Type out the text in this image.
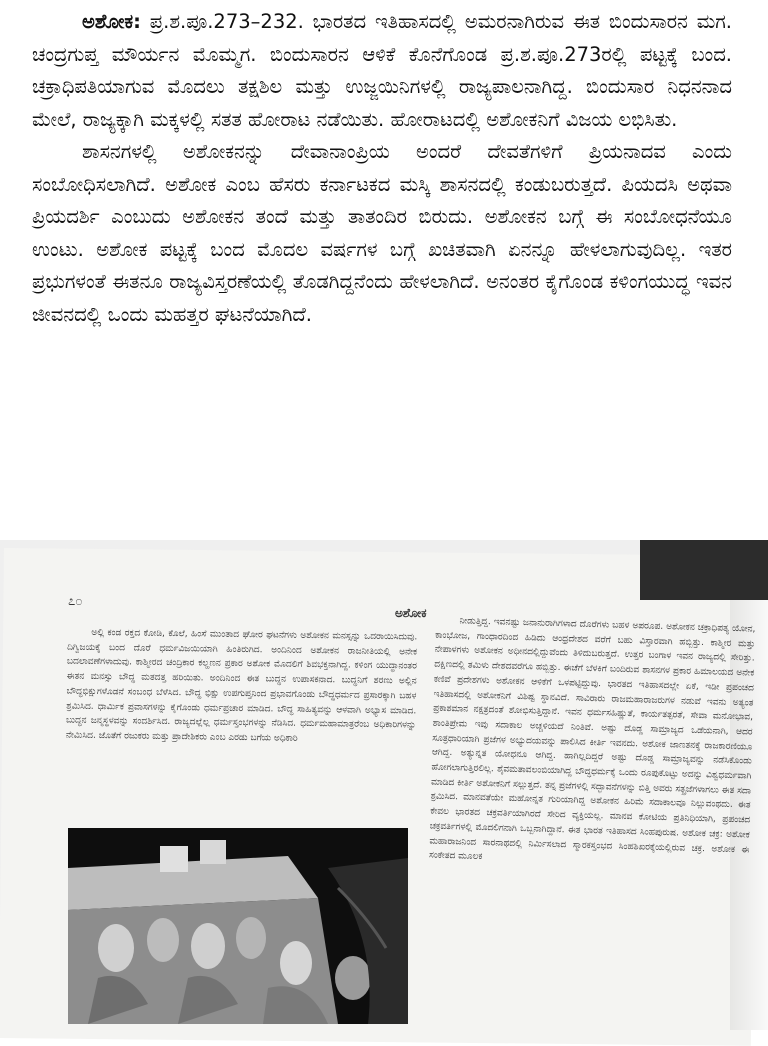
ಅಶೋಕ: ಪ್ರ.ಶ.ಪೂ.273–232. ಭಾರತದ ಇತಿಹಾಸದಲ್ಲಿ ಅಮರನಾಗಿರುವ ಈತ ಬಿಂದುಸಾರನ ಮಗ. ಚಂದ್ರಗುಪ್ತ ಮೌರ್ಯನ ಮೊಮ್ಮಗ. ಬಿಂದುಸಾರನ ಆಳಿಕೆ ಕೊನೆಗೊಂಡ ಪ್ರ.ಶ.ಪೂ.273ರಲ್ಲಿ ಪಟ್ಟಕ್ಕೆ ಬಂದ. ಚಕ್ರಾಧಿಪತಿಯಾಗುವ ಮೊದಲು ತಕ್ಷಶಿಲ ಮತ್ತು ಉಜ್ಜಯಿನಿಗಳಲ್ಲಿ ರಾಜ್ಯಪಾಲನಾಗಿದ್ದ. ಬಿಂದುಸಾರ ನಿಧನನಾದ ಮೇಲೆ, ರಾಜ್ಯಕ್ಕಾಗಿ ಮಕ್ಕಳಲ್ಲಿ ಸತತ ಹೋರಾಟ ನಡೆಯಿತು. ಹೋರಾಟದಲ್ಲಿ ಅಶೋಕನಿಗೆ ವಿಜಯ ಲಭಿಸಿತು.

ಶಾಸನಗಳಲ್ಲಿ ಅಶೋಕನನ್ನು ದೇವಾನಾಂಪ್ರಿಯ ಅಂದರೆ ದೇವತೆಗಳಿಗೆ ಪ್ರಿಯನಾದವ ಎಂದು ಸಂಬೋಧಿಸಲಾಗಿದೆ. ಅಶೋಕ ಎಂಬ ಹೆಸರು ಕರ್ನಾಟಕದ ಮಸ್ಕಿ ಶಾಸನದಲ್ಲಿ ಕಂಡುಬರುತ್ತದೆ. ಪಿಯದಸಿ ಅಥವಾ ಪ್ರಿಯದರ್ಶಿ ಎಂಬುದು ಅಶೋಕನ ತಂದೆ ಮತ್ತು ತಾತಂದಿರ ಬಿರುದು. ಅಶೋಕನ ಬಗ್ಗೆ ಈ ಸಂಬೋಧನೆಯೂ ಉಂಟು. ಅಶೋಕ ಪಟ್ಟಕ್ಕೆ ಬಂದ ಮೊದಲ ವರ್ಷಗಳ ಬಗ್ಗೆ ಖಚಿತವಾಗಿ ಏನನ್ನೂ ಹೇಳಲಾಗುವುದಿಲ್ಲ. ಇತರ ಪ್ರಭುಗಳಂತೆ ಈತನೂ ರಾಜ್ಯವಿಸ್ತರಣೆಯಲ್ಲಿ ತೊಡಗಿದ್ದನೆಂದು ಹೇಳಲಾಗಿದೆ. ಅನಂತರ ಕೈಗೊಂಡ ಕಳಿಂಗಯುದ್ಧ ಇವನ ಜೀವನದಲ್ಲಿ ಒಂದು ಮಹತ್ತರ ಘಟನೆಯಾಗಿದೆ.

೭೦
ಅಶೋಕ

ಅಲ್ಲಿ ಕಂಡ ರಕ್ತದ ಕೋಡಿ, ಕೊಲೆ, ಹಿಂಸೆ ಮುಂತಾದ ಘೋರ ಘಟನೆಗಳು ಅಶೋಕನ ಮನಸ್ಸನ್ನು ಒದರಾಯಿಸಿದುವು. ದಿಗ್ವಿಜಯಕ್ಕೆ ಬಂದ ದೊರೆ ಧರ್ಮವಿಜಯಿಯಾಗಿ ಹಿಂತಿರುಗಿದ. ಅಂದಿನಿಂದ ಅಶೋಕನ ರಾಜನೀತಿಯಲ್ಲಿ ಅನೇಕ ಬದಲಾವಣೆಗಳಾದುವು. ಕಾಶ್ಮೀರದ ಚಂದ್ರಿಕಾರ ಕಲ್ಹಣನ ಪ್ರಕಾರ ಅಶೋಕ ಮೊದಲಿಗೆ ಶಿವಭಕ್ತನಾಗಿದ್ದ. ಕಳಿಂಗ ಯುದ್ಧಾನಂತರ ಈತನ ಮನಸ್ಸು ಬೌದ್ಧ ಮತದತ್ತ ಹರಿಯಿತು. ಅಂದಿನಿಂದ ಈತ ಬುದ್ಧನ ಉಪಾಸಕನಾದ. ಬುದ್ಧನಿಗೆ ಶರಣು ಅಲ್ಲಿನ ಬೌದ್ಧಭಿಕ್ಷುಗಳೊಡನೆ ಸಂಬಂಧ ಬೆಳೆಸಿದ. ಬೌದ್ಧ ಭಿಕ್ಷು ಉಪಗುಪ್ತನಿಂದ ಪ್ರಭಾವಗೊಂಡು ಬೌದ್ಧಧರ್ಮದ ಪ್ರಸಾರಕ್ಕಾಗಿ ಬಹಳ ಶ್ರಮಿಸಿದ. ಧಾರ್ಮಿಕ ಪ್ರವಾಸಗಳನ್ನು ಕೈಗೊಂಡು ಧರ್ಮಪ್ರಚಾರ ಮಾಡಿದ. ಬೌದ್ಧ ಸಾಹಿತ್ಯವನ್ನು ಆಳವಾಗಿ ಅಭ್ಯಾಸ ಮಾಡಿದ. ಬುದ್ಧನ ಜನ್ಮಸ್ಥಳವನ್ನು ಸಂದರ್ಶಿಸಿದ. ರಾಜ್ಯದಲ್ಲೆಲ್ಲ ಧರ್ಮಸ್ತಂಭಗಳನ್ನು ನೆಡಿಸಿದ. ಧರ್ಮಮಹಾಮಾತ್ರರೆಂಬ ಅಧಿಕಾರಿಗಳನ್ನು ನೇಮಿಸಿದ. ಜೊತೆಗೆ ರಜುಕರು ಮತ್ತು ಪ್ರಾದೇಶಿಕರು ಎಂಬ ಎರಡು ಬಗೆಯ ಅಧಿಕಾರಿ

ನೀಡುತ್ತಿದ್ದ. ಇವನಷ್ಟು ಜನಾನುರಾಗಿಗಳಾದ ದೊರೆಗಳು ಬಹಳ ಅಪರೂಪ. ಅಶೋಕನ ಚಕ್ರಾಧಿಪತ್ಯ ಯೋನ, ಕಾಂಭೋಜ, ಗಾಂಧಾರದಿಂದ ಹಿಡಿದು ಆಂಧ್ರದೇಶದ ವರೆಗೆ ಬಹು ವಿಸ್ತಾರವಾಗಿ ಹಬ್ಬಿತ್ತು. ಕಾಶ್ಮೀರ ಮತ್ತು ನೇಪಾಳಗಳು ಅಶೋಕನ ಅಧೀನದಲ್ಲಿದ್ದುವೆಂದು ತಿಳಿದುಬರುತ್ತದೆ. ಉತ್ತರ ಬಂಗಾಳ ಇವನ ರಾಜ್ಯದಲ್ಲಿ ಸೇರಿತ್ತು. ದಕ್ಷಿಣದಲ್ಲಿ ತಮಿಳು ದೇಶದವರೆಗೂ ಹಬ್ಬಿತ್ತು. ಈಚೆಗೆ ಬೆಳಕಿಗೆ ಬಂದಿರುವ ಶಾಸನಗಳ ಪ್ರಕಾರ ಹಿಮಾಲಯದ ಅನೇಕ ಕಣಿವೆ ಪ್ರದೇಶಗಳು ಅಶೋಕನ ಆಳಿಕೆಗೆ ಒಳಪಟ್ಟಿದ್ದುವು. ಭಾರತದ ಇತಿಹಾಸದಲ್ಲೇ ಏಕೆ, ಇಡೀ ಪ್ರಪಂಚದ ಇತಿಹಾಸದಲ್ಲಿ ಅಶೋಕನಿಗೆ ವಿಶಿಷ್ಟ ಸ್ಥಾನವಿದೆ. ಸಾವಿರಾರು ರಾಜಮಹಾರಾಜರುಗಳ ನಡುವೆ ಇವನು ಅತ್ಯಂತ ಪ್ರಕಾಶಮಾನ ನಕ್ಷತ್ರದಂತೆ ಶೋಭಿಸುತ್ತಿದ್ದಾನೆ. ಇವನ ಧರ್ಮಸಹಿಷ್ಣುತೆ, ಕಾರ್ಯತತ್ಪರತೆ, ಸೇವಾ ಮನೋಭಾವ, ಶಾಂತಿಪ್ರೇಮ ಇವು ಸದಾಕಾಲ ಅಚ್ಚಳಿಯದೆ ನಿಂತಿವೆ. ಅಷ್ಟು ದೊಡ್ಡ ಸಾಮ್ರಾಜ್ಯದ ಒಡೆಯನಾಗಿ, ಆದರ ಸೂತ್ರಧಾರಿಯಾಗಿ ಪ್ರಜೆಗಳ ಅಭ್ಯುದಯವನ್ನು ಪಾಲಿಸಿದ ಕೀರ್ತಿ ಇವನದು. ಅಶೋಕ ಜಾಣತನಕ್ಕೆ ರಾಜಕಾರಣಿಯೂ ಆಗಿದ್ದ. ಅತ್ಯುನ್ನತ ಯೋಧನೂ ಆಗಿದ್ದ. ಹಾಗಿಲ್ಲದಿದ್ದರೆ ಅಷ್ಟು ದೊಡ್ಡ ಸಾಮ್ರಾಜ್ಯವನ್ನು ನಡೆಸಿಕೊಂಡು ಹೋಗಲಾಗುತ್ತಿರಲಿಲ್ಲ. ಶೈವಮತಾವಲಂಬಿಯಾಗಿದ್ದ ಬೌದ್ಧಧರ್ಮಕ್ಕೆ ಒಂದು ರೂಪುಕೊಟ್ಟು ಅದನ್ನು ವಿಶ್ವಧರ್ಮವಾಗಿ ಮಾಡಿದ ಕೀರ್ತಿ ಅಶೋಕನಿಗೆ ಸಲ್ಲುತ್ತದೆ. ತನ್ನ ಪ್ರಜೆಗಳಲ್ಲಿ ಸದ್ಭಾವನೆಗಳನ್ನು ಬಿತ್ತಿ ಅವರು ಸತ್ಪ್ರಜೆಗಳಾಗಲು ಈತ ಸದಾ ಶ್ರಮಿಸಿದ. ಮಾನವತೆಯೇ ಮಹೋನ್ನತ ಗುರಿಯಾಗಿದ್ದ ಅಶೋಕನ ಹಿರಿಮೆ ಸದಾಕಾಲವೂ ನಿಲ್ಲುವಂಥದು. ಈತ ಕೇವಲ ಭಾರತದ ಚಕ್ರವರ್ತಿಯಾಗಿರದೆ ಸೇರಿದ ವ್ಯಕ್ತಿಯಲ್ಲ. ಮಾನವ ಕೋಟಿಯ ಪ್ರತಿನಿಧಿಯಾಗಿ, ಪ್ರಪಂಚದ ಚಕ್ರವರ್ತಿಗಳಲ್ಲಿ ಮೊದಲಿಗನಾಗಿ ಒಬ್ಬನಾಗಿದ್ದಾನೆ. ಈತ ಭಾರತ ಇತಿಹಾಸದ ಸಿಂಹಪುರುಷ. ಅಶೋಕ ಚಕ್ರ: ಅಶೋಕ ಮಹಾರಾಜನಿಂದ ಸಾರನಾಥದಲ್ಲಿ ನಿರ್ಮಿಸಲಾದ ಸ್ಮಾರಕಸ್ತಂಭದ ಸಿಂಹಶಿಖರಕ್ಕೆಯಲ್ಲಿರುವ ಚಕ್ರ. ಅಶೋಕ ಈ ಸಂಕೇತದ ಮೂಲಕ
